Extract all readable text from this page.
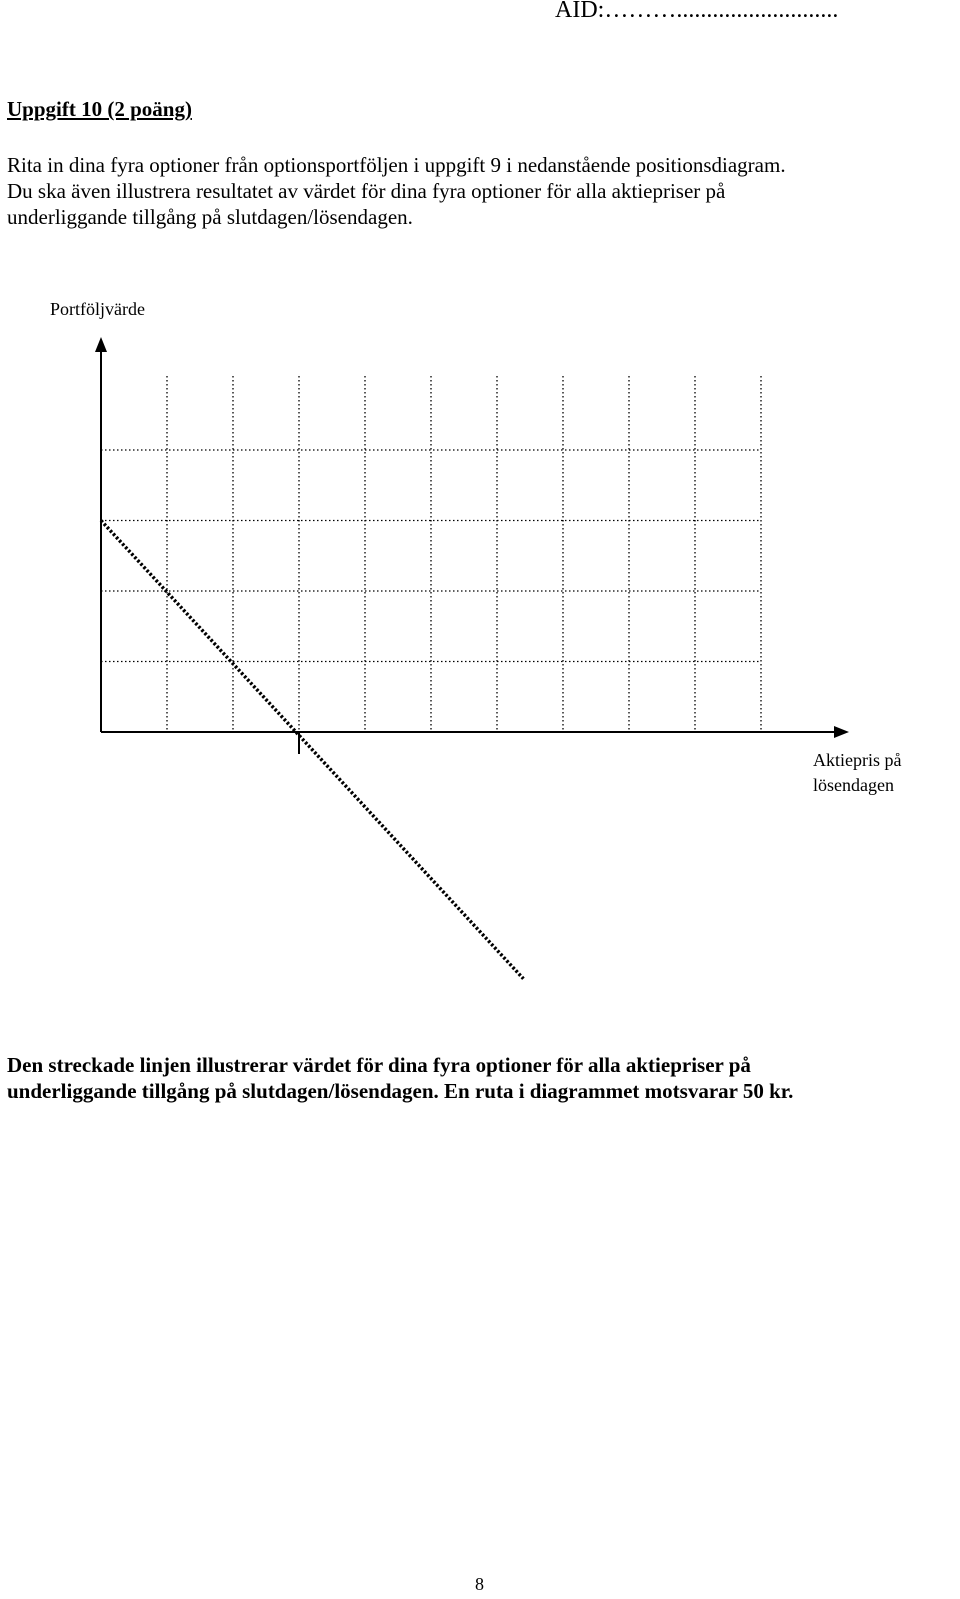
AID:………...........................
Uppgift 10 (2 poäng)
Rita in dina fyra optioner från optionsportföljen i uppgift 9 i nedanstående positionsdiagram.
Du ska även illustrera resultatet av värdet för dina fyra optioner för alla aktiepriser på
underliggande tillgång på slutdagen/lösendagen.
Portföljvärde
Aktiepris på
lösendagen
Den streckade linjen illustrerar värdet för dina fyra optioner för alla aktiepriser på
underliggande tillgång på slutdagen/lösendagen. En ruta i diagrammet motsvarar 50 kr.
8
